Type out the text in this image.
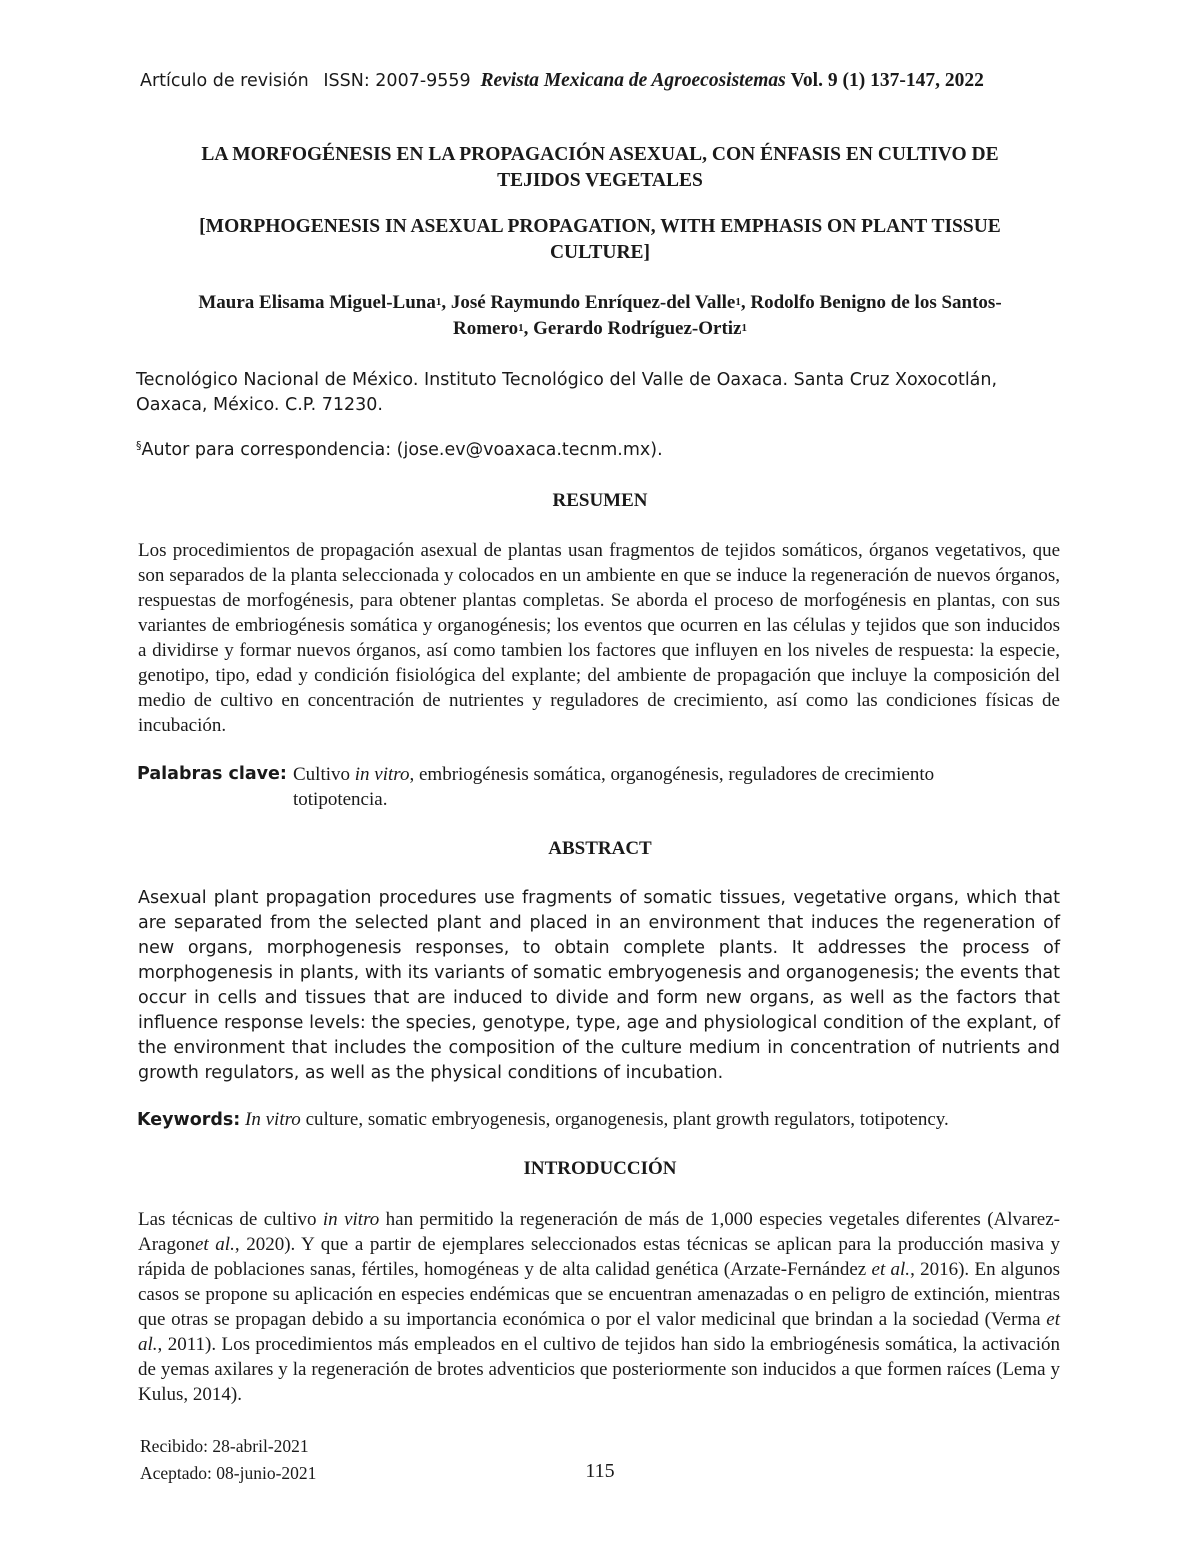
Artículo de revisión ISSN: 2007-9559 Revista Mexicana de Agroecosistemas Vol. 9 (1) 137-147, 2022
LA MORFOGÉNESIS EN LA PROPAGACIÓN ASEXUAL, CON ÉNFASIS EN CULTIVO DE
TEJIDOS VEGETALES
[MORPHOGENESIS IN ASEXUAL PROPAGATION, WITH EMPHASIS ON PLANT TISSUE
CULTURE]
Maura Elisama Miguel-Luna$^1$, José Raymundo Enríquez-del Valle$^1$, Rodolfo Benigno de los Santos-
Romero$^1$, Gerardo Rodríguez-Ortiz$^1$
Tecnológico Nacional de México. Instituto Tecnológico del Valle de Oaxaca. Santa Cruz Xoxocotlán, Oaxaca, México. C.P. 71230.
§Autor para correspondencia: (jose.ev@voaxaca.tecnm.mx).
RESUMEN
Los procedimientos de propagación asexual de plantas usan fragmentos de tejidos somáticos, órganos vegetativos, que son separados de la planta seleccionada y colocados en un ambiente en que se induce la regeneración de nuevos órganos, respuestas de morfogénesis, para obtener plantas completas. Se aborda el proceso de morfogénesis en plantas, con sus variantes de embriogénesis somática y organogénesis; los eventos que ocurren en las células y tejidos que son inducidos a dividirse y formar nuevos órganos, así como tambien los factores que influyen en los niveles de respuesta: la especie, genotipo, tipo, edad y condición fisiológica del explante; del ambiente de propagación que incluye la composición del medio de cultivo en concentración de nutrientes y reguladores de crecimiento, así como las condiciones físicas de incubación.
Palabras clave: Cultivo in vitro, embriogénesis somática, organogénesis, reguladores de crecimiento
totipotencia.
ABSTRACT
Asexual plant propagation procedures use fragments of somatic tissues, vegetative organs, which that are separated from the selected plant and placed in an environment that induces the regeneration of new organs, morphogenesis responses, to obtain complete plants. It addresses the process of morphogenesis in plants, with its variants of somatic embryogenesis and organogenesis; the events that occur in cells and tissues that are induced to divide and form new organs, as well as the factors that influence response levels: the species, genotype, type, age and physiological condition of the explant, of the environment that includes the composition of the culture medium in concentration of nutrients and growth regulators, as well as the physical conditions of incubation.
Keywords: In vitro culture, somatic embryogenesis, organogenesis, plant growth regulators, totipotency.
INTRODUCCIÓN
Las técnicas de cultivo in vitro han permitido la regeneración de más de 1,000 especies vegetales diferentes (Alvarez-Aragonet al., 2020). Y que a partir de ejemplares seleccionados estas técnicas se aplican para la producción masiva y rápida de poblaciones sanas, fértiles, homogéneas y de alta calidad genética (Arzate-Fernández et al., 2016). En algunos casos se propone su aplicación en especies endémicas que se encuentran amenazadas o en peligro de extinción, mientras que otras se propagan debido a su importancia económica o por el valor medicinal que brindan a la sociedad (Verma et al., 2011). Los procedimientos más empleados en el cultivo de tejidos han sido la embriogénesis somática, la activación de yemas axilares y la regeneración de brotes adventicios que posteriormente son inducidos a que formen raíces (Lema y Kulus, 2014).
Recibido: 28-abril-2021
Aceptado: 08-junio-2021	115
